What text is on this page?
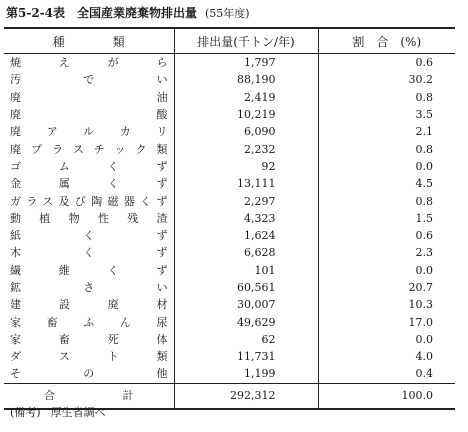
第5-2-4表　全国産業廃棄物排出量 (55年度)
種　　　　類	排出量(千トン/年)	割　合　(%)
焼えがら	1,797	0.6
汚でい	88,190	30.2
廃油	2,419	0.8
廃酸	10,219	3.5
廃アルカリ	6,090	2.1
廃プラスチック類	2,232	0.8
ゴムくず	92	0.0
金属くず	13,111	4.5
ガラス及び陶磁器くず	2,297	0.8
動植物性残渣	4,323	1.5
紙くず	1,624	0.6
木くず	6,628	2.3
繊維くず	101	0.0
鉱さい	60,561	20.7
建設廃材	30,007	10.3
家畜ふん尿	49,629	17.0
家畜死体	62	0.0
ダスト類	11,731	4.0
その他	1,199	0.4
合計	292,312	100.0
(備考) 厚生省調べ
